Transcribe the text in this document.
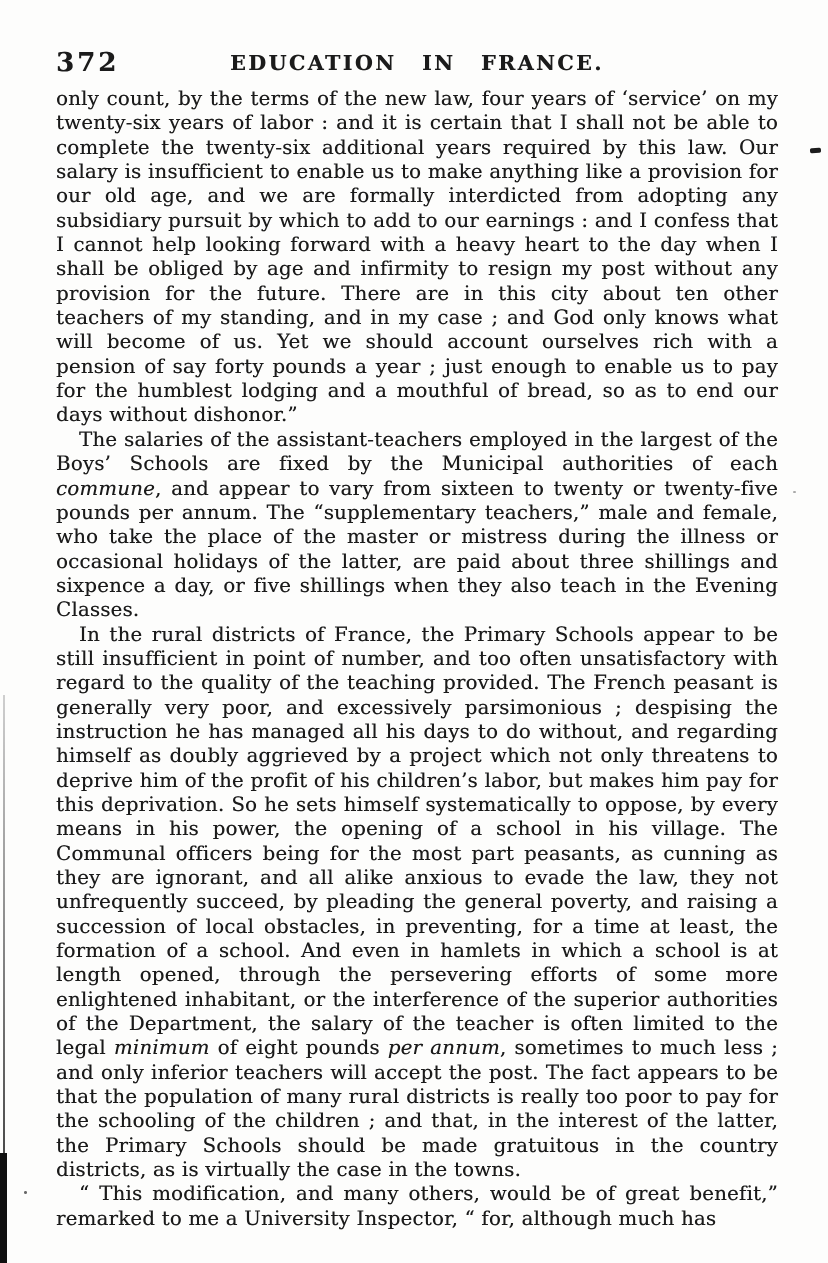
372	EDUCATION IN FRANCE.

only count, by the terms of the new law, four years of ‘service’ on my twenty-six years of labor : and it is certain that I shall not be able to complete the twenty-six additional years required by this law. Our salary is insufficient to enable us to make anything like a provision for our old age, and we are formally interdicted from adopting any subsidiary pursuit by which to add to our earnings : and I confess that I cannot help looking forward with a heavy heart to the day when I shall be obliged by age and infirmity to resign my post without any provision for the future. There are in this city about ten other teachers of my standing, and in my case ; and God only knows what will become of us. Yet we should account ourselves rich with a pension of say forty pounds a year ; just enough to enable us to pay for the humblest lodging and a mouthful of bread, so as to end our days without dishonor.”

The salaries of the assistant-teachers employed in the largest of the Boys’ Schools are fixed by the Municipal authorities of each commune, and appear to vary from sixteen to twenty or twenty-five pounds per annum. The “supplementary teachers,” male and female, who take the place of the master or mistress during the illness or occasional holidays of the latter, are paid about three shillings and sixpence a day, or five shillings when they also teach in the Evening Classes.

In the rural districts of France, the Primary Schools appear to be still insufficient in point of number, and too often unsatisfactory with regard to the quality of the teaching provided. The French peasant is generally very poor, and excessively parsimonious ; despising the instruction he has managed all his days to do without, and regarding himself as doubly aggrieved by a project which not only threatens to deprive him of the profit of his children’s labor, but makes him pay for this deprivation. So he sets himself systematically to oppose, by every means in his power, the opening of a school in his village. The Communal officers being for the most part peasants, as cunning as they are ignorant, and all alike anxious to evade the law, they not unfrequently succeed, by pleading the general poverty, and raising a succession of local obstacles, in preventing, for a time at least, the formation of a school. And even in hamlets in which a school is at length opened, through the persevering efforts of some more enlightened inhabitant, or the interference of the superior authorities of the Department, the salary of the teacher is often limited to the legal minimum of eight pounds per annum, sometimes to much less ; and only inferior teachers will accept the post. The fact appears to be that the population of many rural districts is really too poor to pay for the schooling of the children ; and that, in the interest of the latter, the Primary Schools should be made gratuitous in the country districts, as is virtually the case in the towns.

“ This modification, and many others, would be of great benefit,” remarked to me a University Inspector, “ for, although much has
